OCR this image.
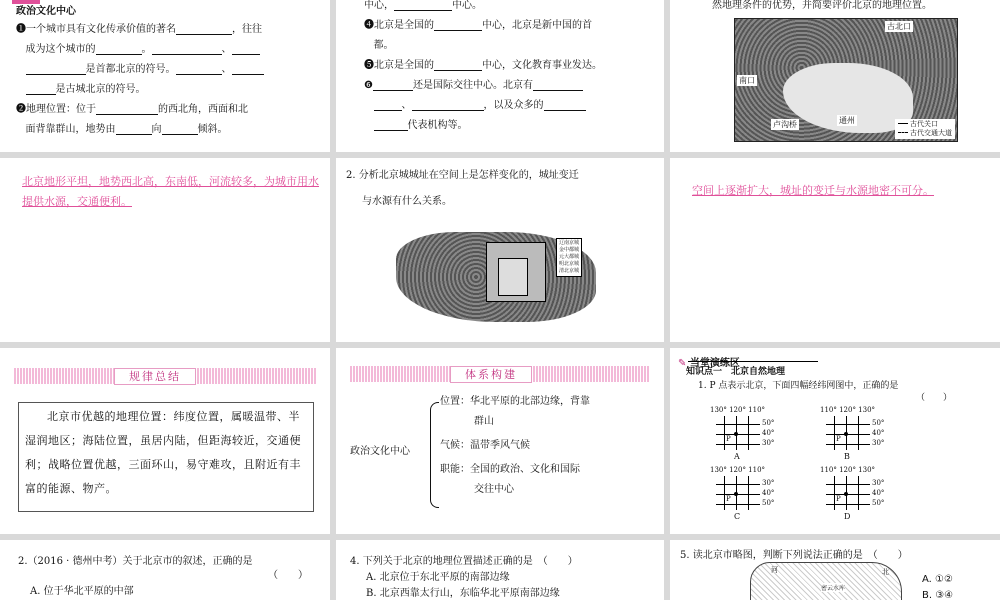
政治文化中心
❶一个城市具有文化传承价值的著名	，往往
成为这个城市的	。	、
是首都北京的符号。	、
是古城北京的符号。
❷地理位置：位于	的西北角，西面和北
面背靠群山，地势由	向	倾斜。
中心，	中心。
❹北京是全国的	中心，北京是新中国的首
都。
❺北京是全国的	中心，文化教育事业发达。
❻	还是国际交往中心。北京有
、	，以及众多的
代表机构等。
然地理条件的优势，并简要评价北京的地理位置。
古北口
南口
卢沟桥	通州	古代关口
古代交通大道
北京地形平坦，地势西北高，东南低，河流较多，为城市用水提供水源，交通便利。
2. 分析北京城城址在空间上是怎样变化的，城址变迁
与水源有什么关系。
辽南京城
金中都城
元大都城
明北京城
清北京城
空间上逐渐扩大，城址的变迁与水源地密不可分。
规律总结
北京市优越的地理位置：纬度位置，属暖温带、半湿润地区；海陆位置，虽居内陆，但距海较近，交通便利；战略位置优越，三面环山，易守难攻，且附近有丰富的能源、物产。
体系构建
政治文化中心
位置：华北平原的北部边缘，背靠
群山
气候：温带季风气候
职能：全国的政治、文化和国际
交往中心
✎ 当堂演练区
知识点一　北京自然地理
1. P 点表示北京，下面四幅经纬网图中，正确的是
（　　）
130° 120° 110°
50°
40°
30°
P
A
110° 120° 130°
50°
40°
30°
P
B
130° 120° 110°
30°
40°
50°
P
C
110° 120° 130°
30°
40°
50°
P
D
2.（2016 · 德州中考）关于北京市的叙述，正确的是
（　　）
A. 位于华北平原的中部
4. 下列关于北京的地理位置描述正确的是　（　　）
A. 北京位于东北平原的南部边缘
B. 北京西靠太行山，东临华北平原南部边缘
5. 读北京市略图，判断下列说法正确的是　（　　）
河	北
密云水库
A. ①②
B. ③④
